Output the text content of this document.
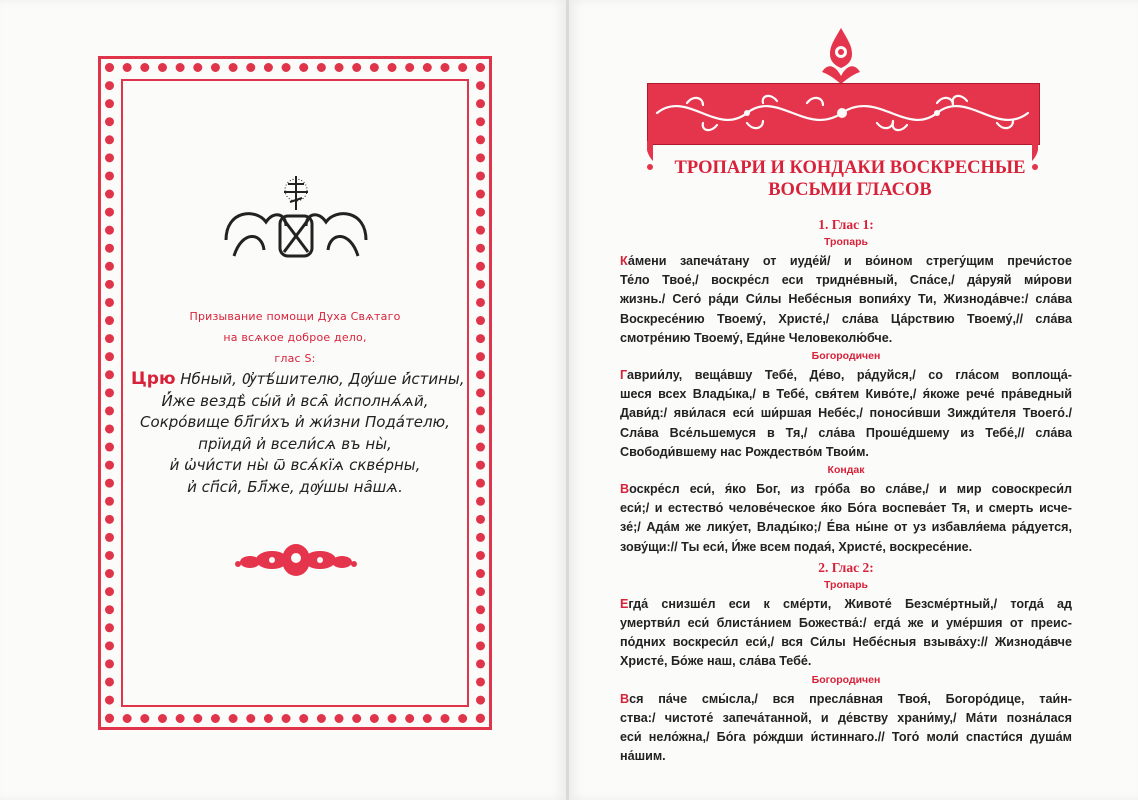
Призывание помощи Духа Свѧтаго
на всѧкое доброе дело,
глас S:
Црю Нбный, Ѹ҆тѣ́шителю, Дѹ́ше и҆́стины,
И҆́же вездѣ̀ сы́й и҆ всѧ̑ и҆сполнѧ́ѧй,
Сокро́вище бл҃ги́хъ и҆ жи́зни Пода́телю,
прїиди̑ и҆ всели́сѧ въ ны̀,
и҆ ѡ҆чи́сти ны̀ ѿ всѧ́кїѧ скве́рны,
и҆ сп҃си̑, Бл҃же, дѹ́шы на̑шѧ.
ТРОПАРИ И КОНДАКИ ВОСКРЕСНЫЕ
ВОСЬМИ ГЛАСОВ
1. Глас 1:
Тропарь
Ка́мени запеча́тану от иуде́й/ и во́ином стрегу́щим пречи́стое
Те́ло Твое́,/ воскре́сл еси тридне́вный, Спа́се,/ да́руяй ми́рови
жизнь./ Сего́ ра́ди Си́лы Небе́сныя вопия́ху Ти, Жизнода́вче:/ сла́ва
Воскресе́нию Твоему́, Христе́,/ сла́ва Ца́рствию Твоему́,// сла́ва
смотре́нию Твоему́, Еди́не Человеколю́бче.
Богородичен
Гаврии́лу, веща́вшу Тебе́, Де́во, ра́дуйся,/ со гла́сом воплоща́-
шеся всех Влады́ка,/ в Тебе́, свя́тем Киво́те,/ я́коже рече́ пра́ведный
Дави́д:/ яви́лася еси́ ши́ршая Небе́с,/ поноси́вши Зижди́теля Твоего́./
Сла́ва Все́льшемуся в Тя,/ сла́ва Проше́дшему из Тебе́,// сла́ва
Свободи́вшему нас Рождество́м Твои́м.
Кондак
Воскре́сл еси́, я́ко Бог, из гро́ба во сла́ве,/ и мир совоскреси́л
еси́;/ и естество́ челове́ческое я́ко Бо́га воспева́ет Тя, и смерть исче-
зе́;/ Ада́м же лику́ет, Влады́ко;/ Е́ва ны́не от уз избавля́ема ра́дуется,
зову́щи:// Ты еси́, И́же всем подая́, Христе́, воскресе́ние.
2. Глас 2:
Тропарь
Егда́ снизше́л еси к сме́рти, Животе́ Безсме́ртный,/ тогда́ ад
умертви́л еси́ блиста́нием Божества́:/ егда́ же и уме́ршия от преис-
по́дних воскреси́л еси́,/ вся Си́лы Небе́сныя взыва́ху:// Жизнода́вче
Христе́, Бо́же наш, сла́ва Тебе́.
Богородичен
Вся па́че смы́сла,/ вся пресла́вная Твоя́, Богоро́дице, таи́н-
ства:/ чистоте́ запеча́танной, и де́вству храни́му,/ Ма́ти позна́лася
еси́ нело́жна,/ Бо́га ро́ждши и́стиннаго.// Того́ моли́ спасти́ся душа́м
на́шим.
